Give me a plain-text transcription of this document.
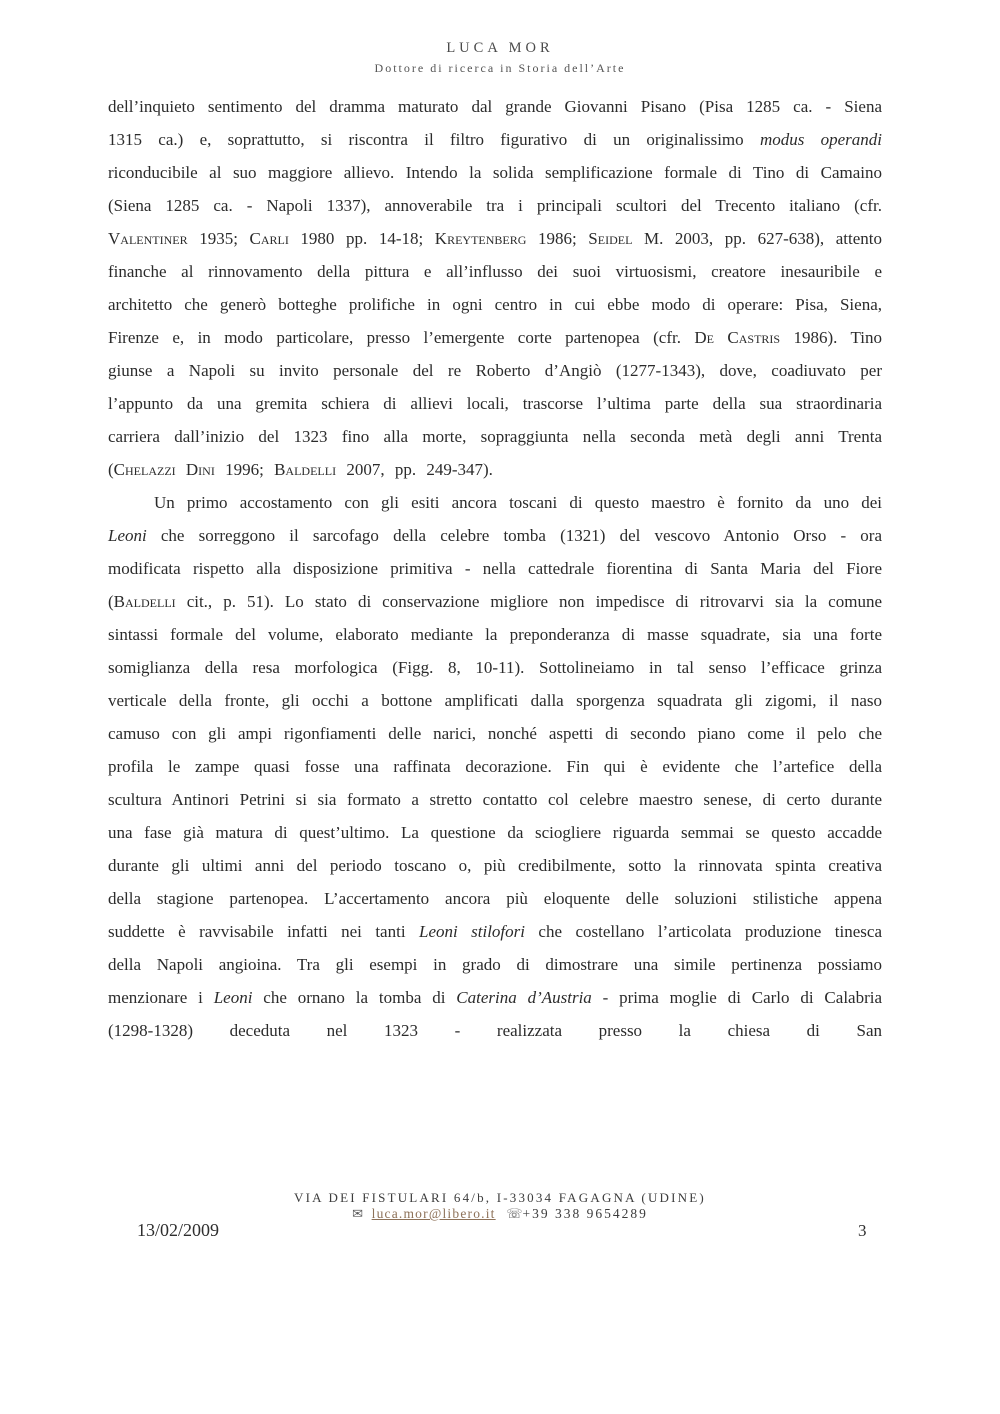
LUCA MOR
Dottore di ricerca in Storia dell’Arte

dell’inquieto sentimento del dramma maturato dal grande Giovanni Pisano (Pisa 1285 ca. - Siena 1315 ca.) e, soprattutto, si riscontra il filtro figurativo di un originalissimo modus operandi riconducibile al suo maggiore allievo. Intendo la solida semplificazione formale di Tino di Camaino (Siena 1285 ca. - Napoli 1337), annoverabile tra i principali scultori del Trecento italiano (cfr. Valentiner 1935; Carli 1980 pp. 14-18; Kreytenberg 1986; Seidel M. 2003, pp. 627-638), attento finanche al rinnovamento della pittura e all’influsso dei suoi virtuosismi, creatore inesauribile e architetto che generò botteghe prolifiche in ogni centro in cui ebbe modo di operare: Pisa, Siena, Firenze e, in modo particolare, presso l’emergente corte partenopea (cfr. De Castris 1986). Tino giunse a Napoli su invito personale del re Roberto d’Angiò (1277-1343), dove, coadiuvato per l’appunto da una gremita schiera di allievi locali, trascorse l’ultima parte della sua straordinaria carriera dall’inizio del 1323 fino alla morte, sopraggiunta nella seconda metà degli anni Trenta (Chelazzi Dini 1996; Baldelli 2007, pp. 249-347).

Un primo accostamento con gli esiti ancora toscani di questo maestro è fornito da uno dei Leoni che sorreggono il sarcofago della celebre tomba (1321) del vescovo Antonio Orso - ora modificata rispetto alla disposizione primitiva - nella cattedrale fiorentina di Santa Maria del Fiore (Baldelli cit., p. 51). Lo stato di conservazione migliore non impedisce di ritrovarvi sia la comune sintassi formale del volume, elaborato mediante la preponderanza di masse squadrate, sia una forte somiglianza della resa morfologica (Figg. 8, 10-11). Sottolineiamo in tal senso l’efficace grinza verticale della fronte, gli occhi a bottone amplificati dalla sporgenza squadrata gli zigomi, il naso camuso con gli ampi rigonfiamenti delle narici, nonché aspetti di secondo piano come il pelo che profila le zampe quasi fosse una raffinata decorazione. Fin qui è evidente che l’artefice della scultura Antinori Petrini si sia formato a stretto contatto col celebre maestro senese, di certo durante una fase già matura di quest’ultimo. La questione da sciogliere riguarda semmai se questo accadde durante gli ultimi anni del periodo toscano o, più credibilmente, sotto la rinnovata spinta creativa della stagione partenopea. L’accertamento ancora più eloquente delle soluzioni stilistiche appena suddette è ravvisabile infatti nei tanti Leoni stilofori che costellano l’articolata produzione tinesca della Napoli angioina. Tra gli esempi in grado di dimostrare una simile pertinenza possiamo menzionare i Leoni che ornano la tomba di Caterina d’Austria - prima moglie di Carlo di Calabria (1298-1328) deceduta nel 1323 - realizzata presso la chiesa di San

VIA DEI FISTULARI 64/b, I-33034 FAGAGNA (UDINE)
✉ luca.mor@libero.it ☏+39 338 9654289
13/02/2009	3
